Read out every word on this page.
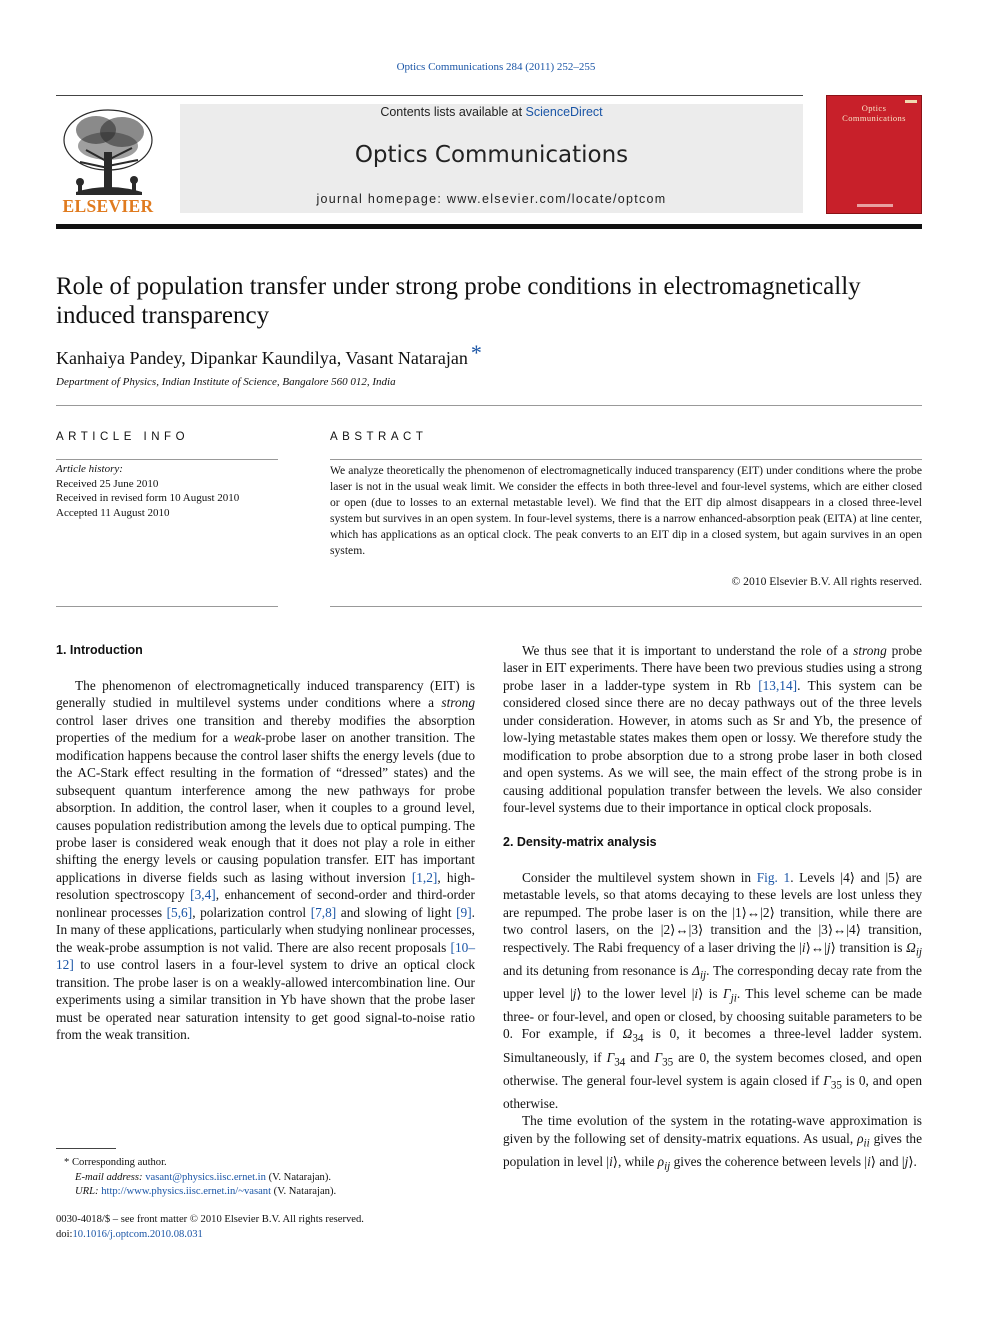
Optics Communications 284 (2011) 252–255
ELSEVIER
Contents lists available at ScienceDirect
Optics Communications
journal homepage: www.elsevier.com/locate/optcom
Optics
Communications
Role of population transfer under strong probe conditions in electromagnetically induced transparency
Kanhaiya Pandey, Dipankar Kaundilya, Vasant Natarajan *
Department of Physics, Indian Institute of Science, Bangalore 560 012, India
ARTICLE INFO
Article history:
Received 25 June 2010
Received in revised form 10 August 2010
Accepted 11 August 2010
ABSTRACT
We analyze theoretically the phenomenon of electromagnetically induced transparency (EIT) under conditions where the probe laser is not in the usual weak limit. We consider the effects in both three-level and four-level systems, which are either closed or open (due to losses to an external metastable level). We find that the EIT dip almost disappears in a closed three-level system but survives in an open system. In four-level systems, there is a narrow enhanced-absorption peak (EITA) at line center, which has applications as an optical clock. The peak converts to an EIT dip in a closed system, but again survives in an open system.
© 2010 Elsevier B.V. All rights reserved.

1. Introduction

The phenomenon of electromagnetically induced transparency (EIT) is generally studied in multilevel systems under conditions where a strong control laser drives one transition and thereby modifies the absorption properties of the medium for a weak-probe laser on another transition. The modification happens because the control laser shifts the energy levels (due to the AC-Stark effect resulting in the formation of “dressed” states) and the subsequent quantum interference among the new pathways for probe absorption. In addition, the control laser, when it couples to a ground level, causes population redistribution among the levels due to optical pumping. The probe laser is considered weak enough that it does not play a role in either shifting the energy levels or causing population transfer. EIT has important applications in diverse fields such as lasing without inversion [1,2], high-resolution spectroscopy [3,4], enhancement of second-order and third-order nonlinear processes [5,6], polarization control [7,8] and slowing of light [9]. In many of these applications, particularly when studying nonlinear processes, the weak-probe assumption is not valid. There are also recent proposals [10–12] to use control lasers in a four-level system to drive an optical clock transition. The probe laser is on a weakly-allowed intercombination line. Our experiments using a similar transition in Yb have shown that the probe laser must be operated near saturation intensity to get good signal-to-noise ratio from the weak transition.

We thus see that it is important to understand the role of a strong probe laser in EIT experiments. There have been two previous studies using a strong probe laser in a ladder-type system in Rb [13,14]. This system can be considered closed since there are no decay pathways out of the three levels under consideration. However, in atoms such as Sr and Yb, the presence of low-lying metastable states makes them open or lossy. We therefore study the modification to probe absorption due to a strong probe laser in both closed and open systems. As we will see, the main effect of the strong probe is in causing additional population transfer between the levels. We also consider four-level systems due to their importance in optical clock proposals.

2. Density-matrix analysis

Consider the multilevel system shown in Fig. 1. Levels |4⟩ and |5⟩ are metastable levels, so that atoms decaying to these levels are lost unless they are repumped. The probe laser is on the |1⟩↔|2⟩ transition, while there are two control lasers, on the |2⟩↔|3⟩ transition and the |3⟩↔|4⟩ transition, respectively. The Rabi frequency of a laser driving the |i⟩↔|j⟩ transition is $\Omega_{ij}$ and its detuning from resonance is $\Delta_{ij}$. The corresponding decay rate from the upper level |j⟩ to the lower level |i⟩ is $\Gamma_{ji}$. This level scheme can be made three- or four-level, and open or closed, by choosing suitable parameters to be 0. For example, if $\Omega_{34}$ is 0, it becomes a three-level ladder system. Simultaneously, if $\Gamma_{34}$ and $\Gamma_{35}$ are 0, the system becomes closed, and open otherwise. The general four-level system is again closed if $\Gamma_{35}$ is 0, and open otherwise.

The time evolution of the system in the rotating-wave approximation is given by the following set of density-matrix equations. As usual, $\rho_{ii}$ gives the population in level |i⟩, while $\rho_{ij}$ gives the coherence between levels |i⟩ and |j⟩.

* Corresponding author.
E-mail address: vasant@physics.iisc.ernet.in (V. Natarajan).
URL: http://www.physics.iisc.ernet.in/~vasant (V. Natarajan).
0030-4018/$ – see front matter © 2010 Elsevier B.V. All rights reserved.
doi:10.1016/j.optcom.2010.08.031
